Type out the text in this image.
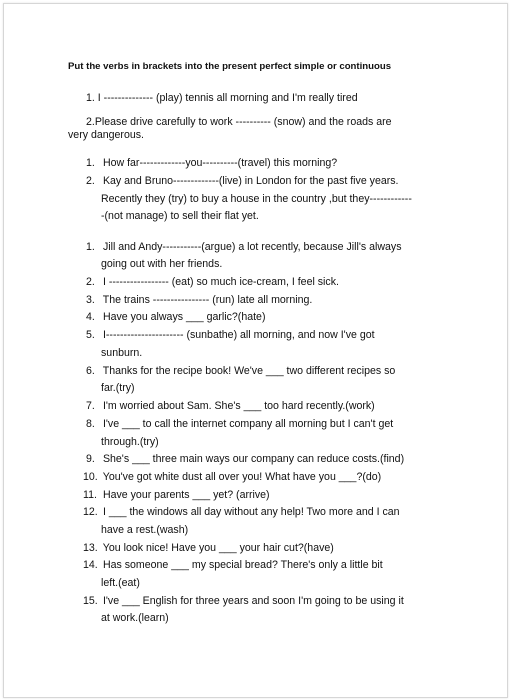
Put the verbs in brackets into the present perfect simple or continuous
1. I -------------- (play) tennis all morning and I'm really tired
2.Please drive carefully to work ---------- (snow) and the roads are
very dangerous.
1. How far-------------you----------(travel) this morning?
2. Kay and Bruno-------------(live) in London for the past five years.
Recently they (try) to buy a house in the country ,but they------------
-(not manage) to sell their flat yet.
1. Jill and Andy-----------(argue) a lot recently, because Jill's always
going out with her friends.
2. I ----------------- (eat) so much ice-cream, I feel sick.
3. The trains ---------------- (run) late all morning.
4. Have you always ___ garlic?(hate)
5. I---------------------- (sunbathe) all morning, and now I've got
sunburn.
6. Thanks for the recipe book! We've ___ two different recipes so
far.(try)
7. I'm worried about Sam. She's ___ too hard recently.(work)
8. I've ___ to call the internet company all morning but I can't get
through.(try)
9. She's ___ three main ways our company can reduce costs.(find)
10. You've got white dust all over you! What have you ___?(do)
11. Have your parents ___ yet? (arrive)
12. I ___ the windows all day without any help! Two more and I can
have a rest.(wash)
13. You look nice! Have you ___ your hair cut?(have)
14. Has someone ___ my special bread? There's only a little bit
left.(eat)
15. I've ___ English for three years and soon I'm going to be using it
at work.(learn)
